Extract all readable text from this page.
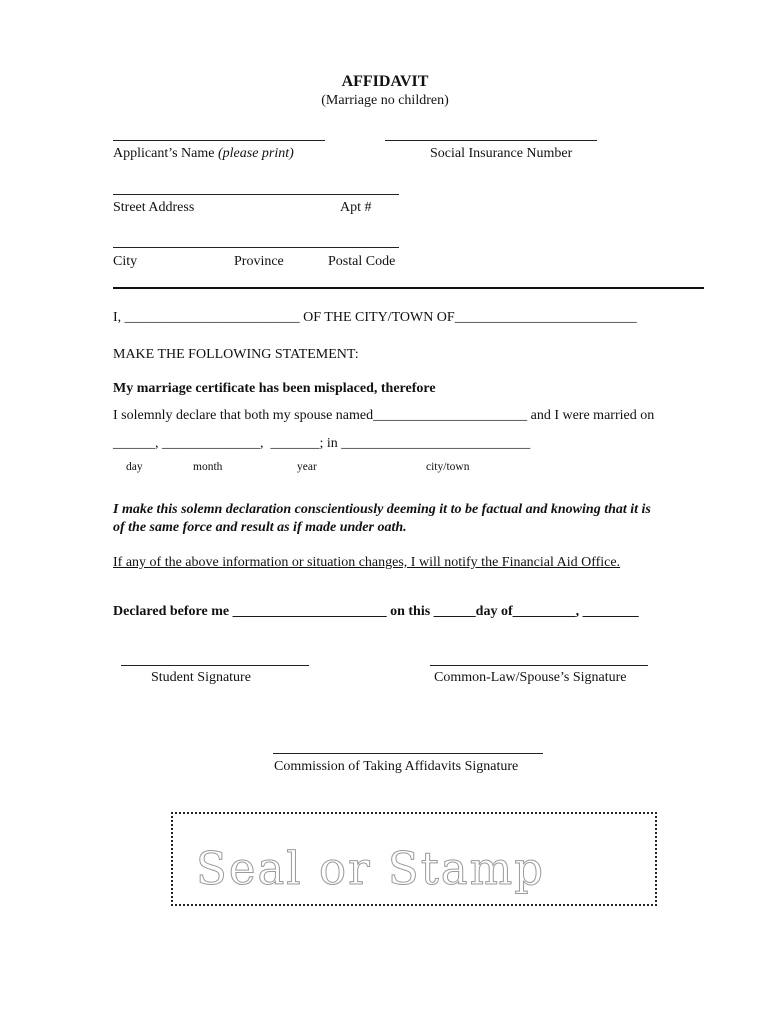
AFFIDAVIT
(Marriage no children)
Applicant’s Name (please print)	Social Insurance Number
Street Address	Apt #
City	Province	Postal Code
I, _________________________ OF THE CITY/TOWN OF__________________________
MAKE THE FOLLOWING STATEMENT:
My marriage certificate has been misplaced, therefore
I solemnly declare that both my spouse named______________________ and I were married on
______, ______________,  _______; in ___________________________
day	month	year	city/town
I make this solemn declaration conscientiously deeming it to be factual and knowing that it is
of the same force and result as if made under oath.
If any of the above information or situation changes, I will notify the Financial Aid Office.
Declared before me ______________________ on this ______day of_________, ________
Student Signature	Common-Law/Spouse’s Signature
Commission of Taking Affidavits Signature
Seal or Stamp
